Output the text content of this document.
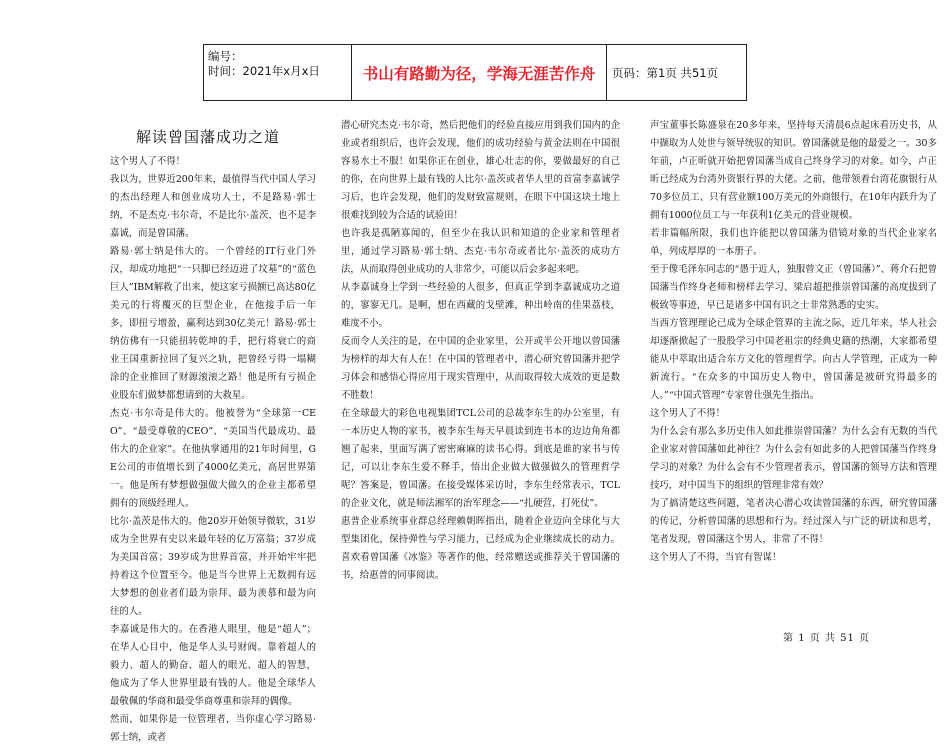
编号：
时间：2021年x月x日	书山有路勤为径，学海无涯苦作舟	页码：第1页 共51页
解读曾国藩成功之道

这个男人了不得！

我以为，世界近200年来，最值得当代中国人学习的杰出经理人和创业成功人士，不是路易·郭士纳，不是杰克·韦尔奇，不是比尔·盖茨，也不是李嘉诚，而是曾国藩。

路易·郭士纳是伟大的。一个曾经的IT行业门外汉，却成功地把“一只脚已经迈进了坟墓”的“蓝色巨人”IBM解救了出来，使这家亏损额已高达80亿美元的行将覆灭的巨型企业，在他接手后一年多，即扭亏增盈，赢利达到30亿美元！路易·郭士纳仿佛有一只能扭转乾坤的手，把行将衰亡的商业王国重新拉回了复兴之轨，把曾经亏得一塌糊涂的企业推回了财源滚滚之路！他是所有亏损企业股东们做梦都想请到的大救星。

杰克·韦尔奇是伟大的。他被誉为“全球第一CEO”、“最受尊敬的CEO”、“美国当代最成功、最伟大的企业家”。在他执掌通用的21年时间里，GE公司的市值增长到了4000亿美元，高居世界第一。他是所有梦想做强做大做久的企业主都希望拥有的顶级经理人。

比尔·盖茨是伟大的。他20岁开始领导微软，31岁成为全世界有史以来最年轻的亿万富翁；37岁成为美国首富；39岁成为世界首富，并开始牢牢把持着这个位置至今。他是当今世界上无数拥有远大梦想的创业者们最为崇拜、最为羡慕和最为向往的人。

李嘉诚是伟大的。在香港人眼里，他是“超人”；在华人心目中，他是华人头号财阀。靠着超人的毅力、超人的勤奋、超人的眼光、超人的智慧，他成为了华人世界里最有钱的人。他是全球华人最敬佩的华商和最受华商尊重和崇拜的偶像。

然而，如果你是一位管理者，当你虚心学习路易·郭士纳，或者

潜心研究杰克·韦尔奇，然后把他们的经验直接应用到我们国内的企业或者组织后，也许会发现，他们的成功经验与黄金法则在中国很容易水土不服！如果你正在创业，雄心壮志的你，要做最好的自己的你，在向世界上最有钱的人比尔·盖茨或者华人里的首富李嘉诚学习后，也许会发现，他们的发财致富规则，在眼下中国这块土地上很难找到较为合适的试验田！

也许我是孤陋寡闻的，但至少在我认识和知道的企业家和管理者里，通过学习路易·郭士纳、杰克·韦尔奇或者比尔·盖茨的成功方法，从而取得创业成功的人非常少，可能以后会多起来吧。

从李嘉诚身上学到一些经验的人很多，但真正学到李嘉诚成功之道的，寥寥无几。是啊，想在西藏的戈壁滩，种出岭南的佳果荔枝，难度不小。

反而令人关注的是，在中国的企业家里，公开或半公开地以曾国藩为榜样的却大有人在！在中国的管理者中，潜心研究曾国藩并把学习体会和感悟心得应用于现实管理中，从而取得较大成效的更是数不胜数！

在全球最大的彩色电视集团TCL公司的总裁李东生的办公室里，有一本历史人物的家书，被李东生每天早晨读到连书本的边边角角都翘了起来，里面写满了密密麻麻的读书心得。到底是谁的家书与传记，可以让李东生爱不释手，悟出企业做大做强做久的管理哲学呢？答案是，曾国藩。在接受媒体采访时，李东生经常表示，TCL的企业文化，就是师法湘军的治军理念——“扎硬营，打死仗”。

惠普企业系统事业群总经理赖朝晖指出，随着企业迈向全球化与大型集团化，保持弹性与学习能力，已经成为企业继续成长的动力。喜欢看曾国藩《冰鉴》等著作的他，经常赠送或推荐关于曾国藩的书，给惠普的同事阅读。

声宝董事长陈盛泉在20多年来，坚持每天清晨6点起床看历史书，从中撷取为人处世与领导统驭的知识。曾国藩就是他的最爱之一。30多年前，卢正昕就开始把曾国藩当成自己终身学习的对象。如今，卢正昕已经成为台湾外资银行界的大佬。之前，他带领着台湾花旗银行从70多位员工、只有营业额100万美元的外商银行，在10年内跃升为了拥有1000位员工与一年获利1亿美元的营业规模。

若非篇幅所限，我们也许能把以曾国藩为借镜对象的当代企业家名单，列成厚厚的一本册子。

至于像毛泽东同志的“愚于近人，独服曾文正（曾国藩）”、蒋介石把曾国藩当作终身老师和榜样去学习、梁启超把推崇曾国藩的高度拔到了极致等事迹，早已是诸多中国有识之士非常熟悉的史实。

当西方管理理论已成为全球企管界的主流之际，近几年来，华人社会却逐渐掀起了一股股学习中国老祖宗的经典史籍的热潮，大家都希望能从中萃取出适合东方文化的管理哲学。向古人学管理，正成为一种新流行。“在众多的中国历史人物中，曾国藩是被研究得最多的人。”“中国式管理”专家曾仕强先生指出。

这个男人了不得！

为什么会有那么多历史伟人如此推崇曾国藩？为什么会有无数的当代企业家对曾国藩如此神往？为什么会有如此多的人把曾国藩当作终身学习的对象？为什么会有不少管理者表示，曾国藩的领导方法和管理技巧，对中国当下的组织的管理非常有效？

为了搞清楚这些问题，笔者决心潜心攻读曾国藩的东西，研究曾国藩的传记，分析曾国藩的思想和行为。经过深入与广泛的研读和思考，笔者发现，曾国藩这个男人，非常了不得！

这个男人了不得，当官有智谋！

第 1 页 共 51 页
